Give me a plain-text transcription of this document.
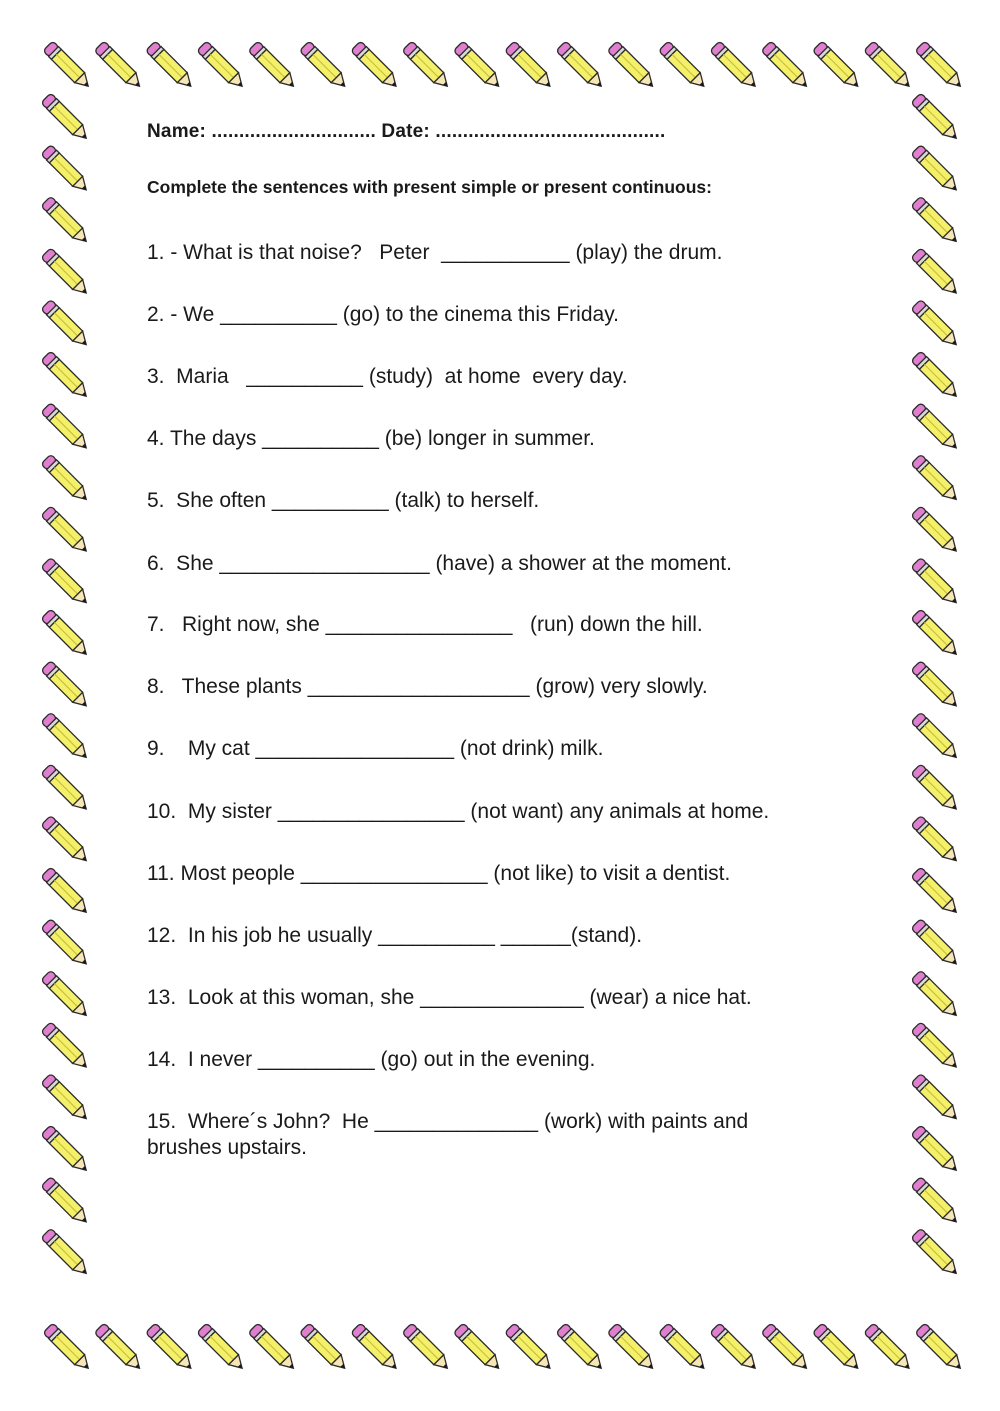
Name: .............................. Date: ..........................................
Complete the sentences with present simple or present continuous:
1. - What is that noise?   Peter  ___________ (play) the drum.
2. - We __________ (go) to the cinema this Friday.
3.  Maria   __________ (study)  at home  every day.
4. The days __________ (be) longer in summer.
5.  She often __________ (talk) to herself.
6.  She __________________ (have) a shower at the moment.
7.   Right now, she ________________   (run) down the hill.
8.   These plants ___________________ (grow) very slowly.
9.    My cat _________________ (not drink) milk.
10.  My sister ________________ (not want) any animals at home.
11. Most people ________________ (not like) to visit a dentist.
12.  In his job he usually __________ ______(stand).
13.  Look at this woman, she ______________ (wear) a nice hat.
14.  I never __________ (go) out in the evening.
15.  Where´s John?  He ______________ (work) with paints and
brushes upstairs.
